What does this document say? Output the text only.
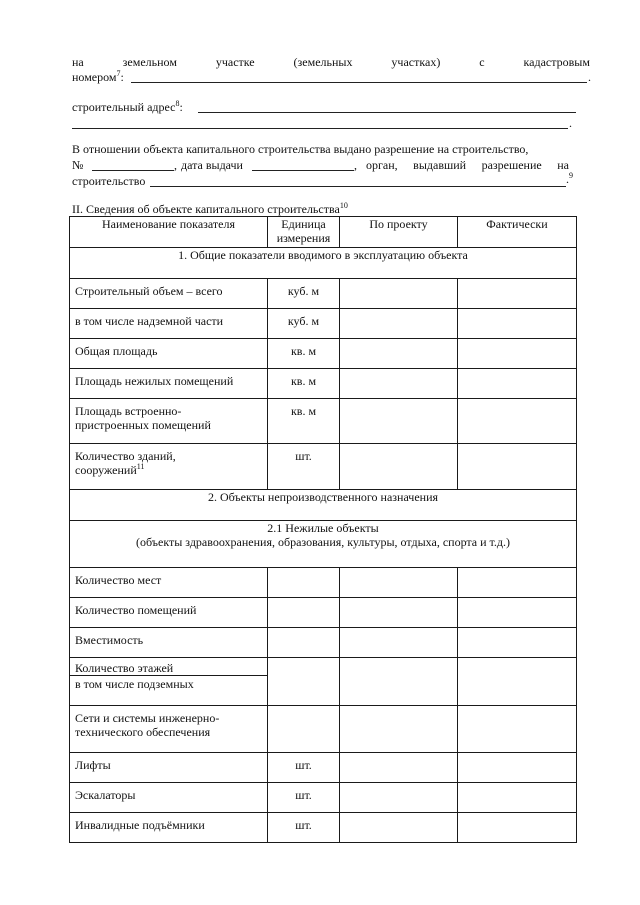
на	земельном	участке	(земельных	участках)	с	кадастровым
номером$^7$:	.
строительный адрес$^8$:
.
В отношении объекта капитального строительства выдано разрешение на строительство,
№	, дата выдачи	, орган, выдавший разрешение на
строительство	.$^9$
II. Сведения об объекте капитального строительства$^{10}$
Наименование показателя	Единица измерения	По проекту	Фактически
1. Общие показатели вводимого в эксплуатацию объекта			
Строительный объем – всего	куб. м		
в том числе надземной части	куб. м		
Общая площадь	кв. м		
Площадь нежилых помещений	кв. м		
Площадь встроенно-пристроенных помещений	кв. м		
Количество зданий, сооружений$^{11}$	шт.		
2. Объекты непроизводственного назначения			

2.1 Нежилые объекты
(объекты здравоохранения, образования, культуры, отдыха, спорта и т.д.)			

Количество мест			
Количество помещений			
Вместимость			
Количество этажей			
в том числе подземных			
Сети и системы инженерно-технического обеспечения			
Лифты	шт.		
Эскалаторы	шт.		
Инвалидные подъёмники	шт.		
